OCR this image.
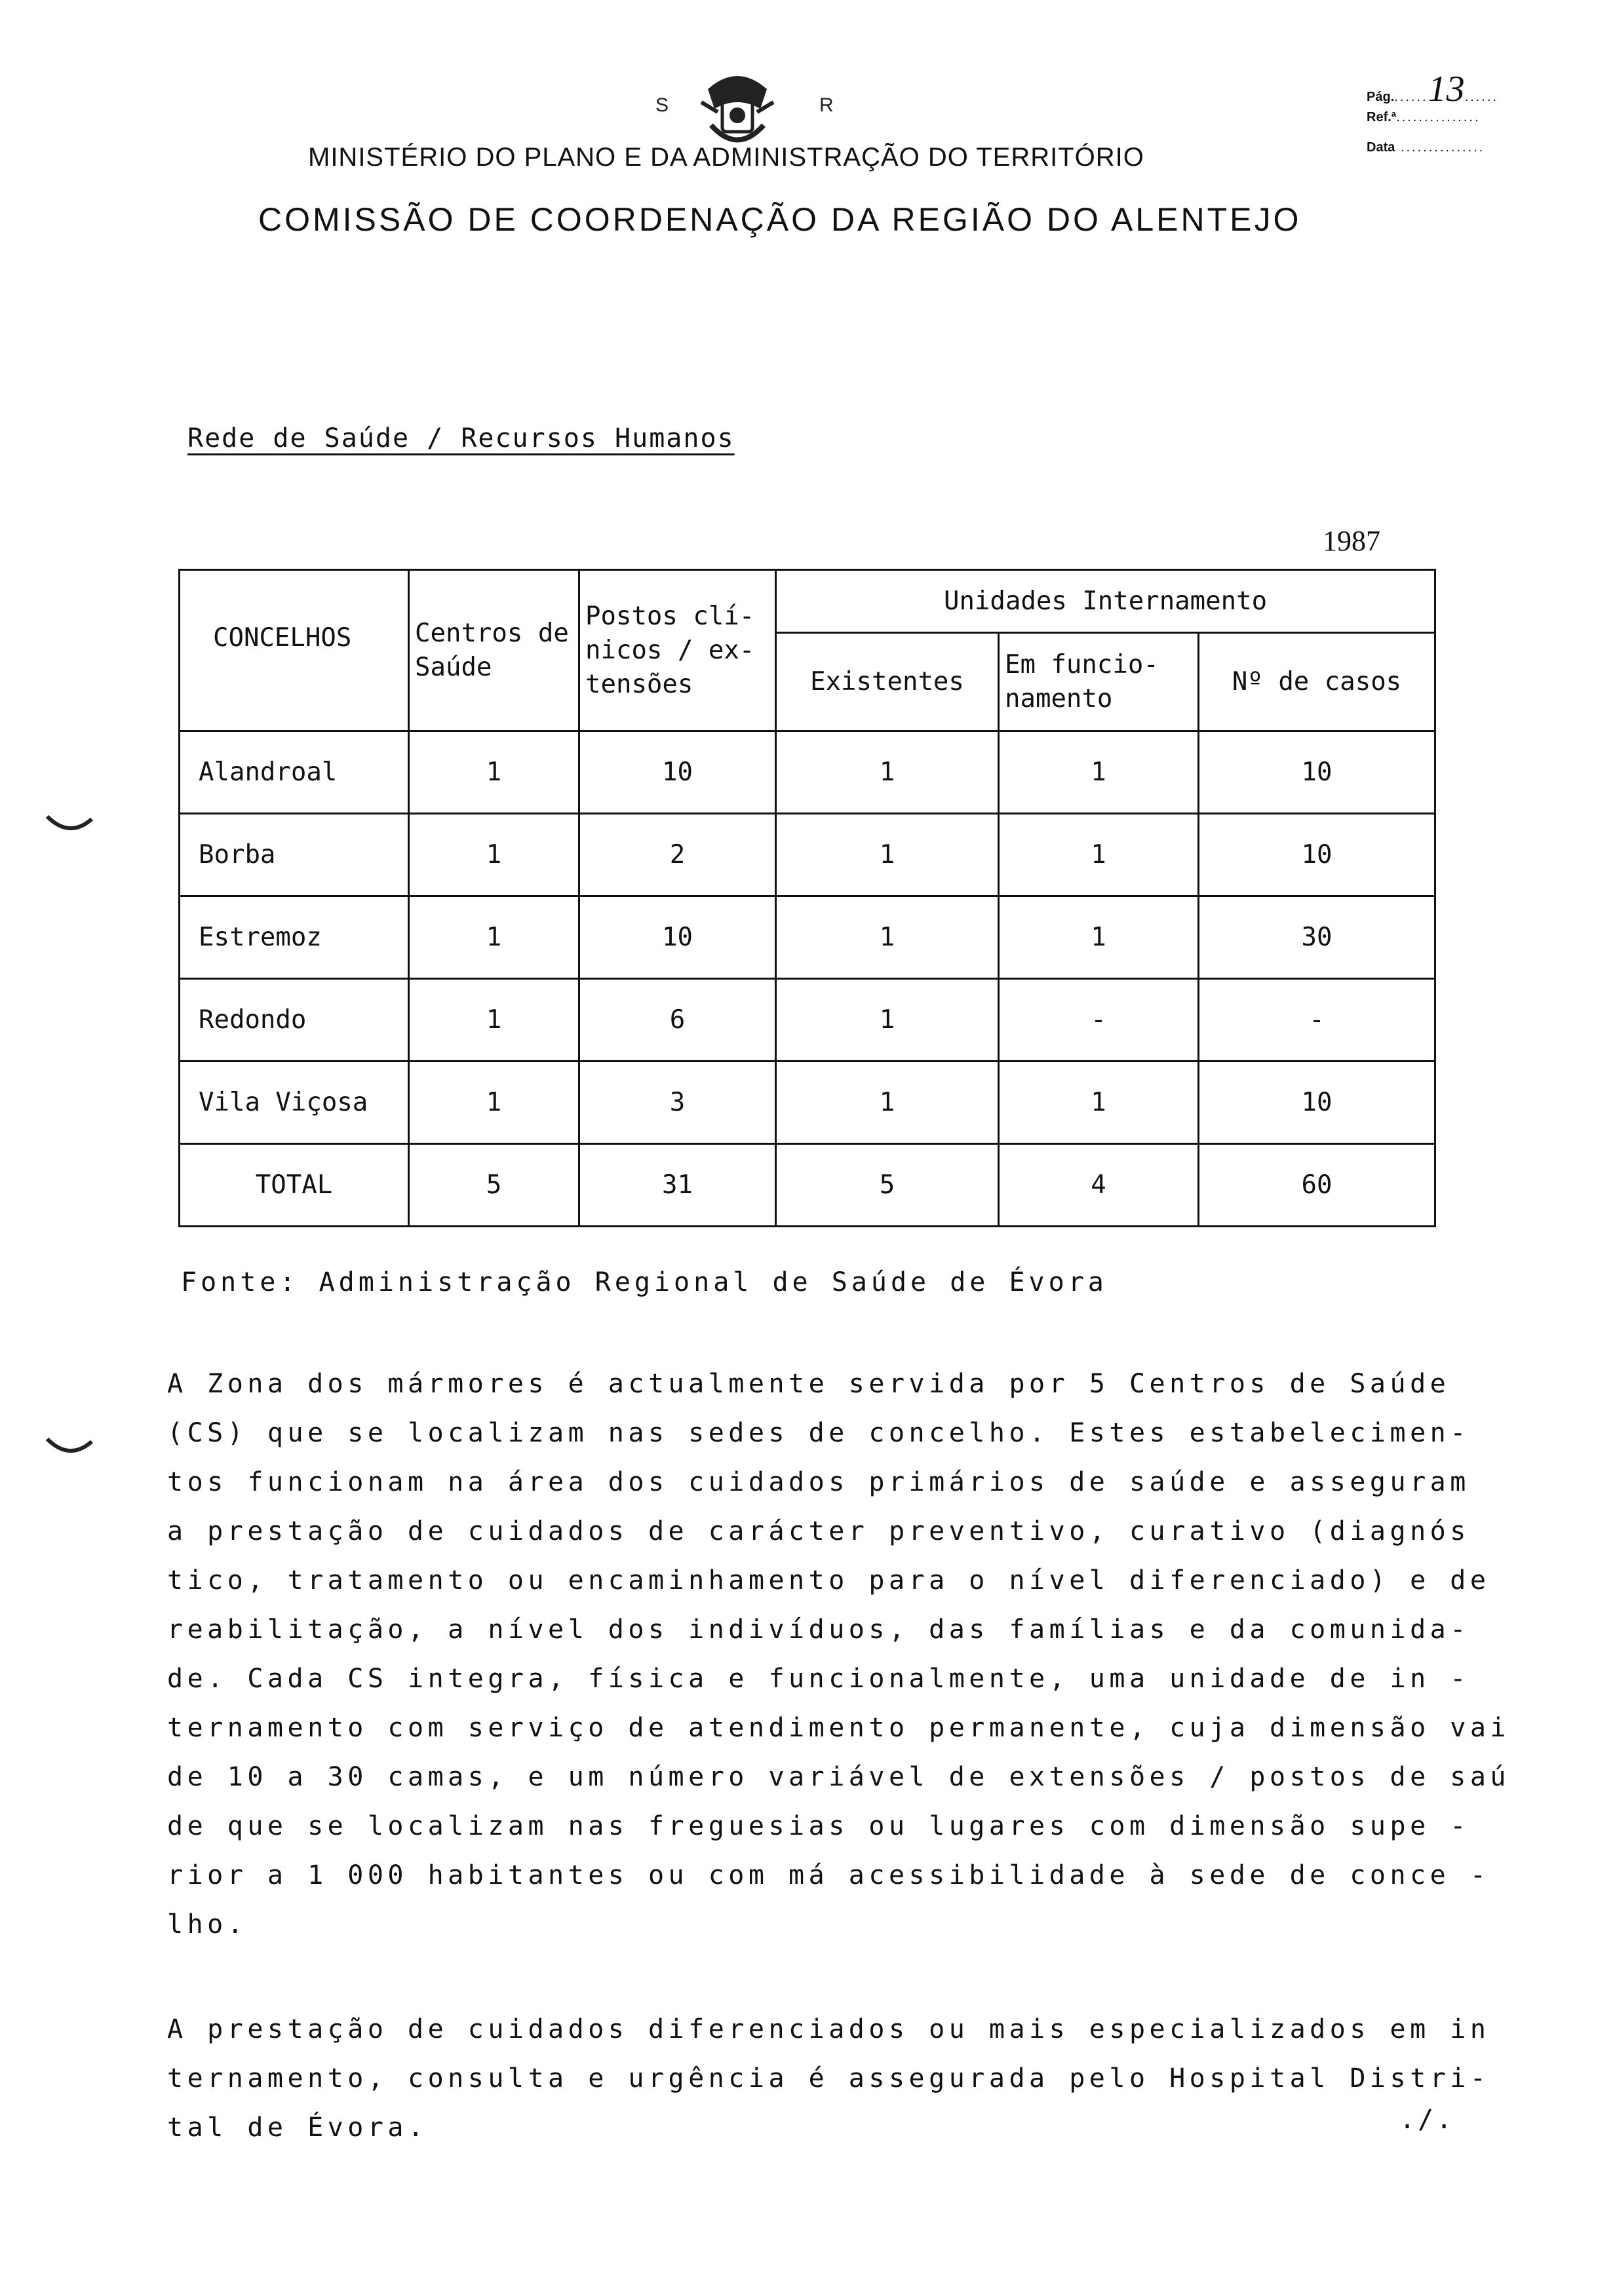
S	R
MINISTÉRIO DO PLANO E DA ADMINISTRAÇÃO DO TERRITÓRIO
COMISSÃO DE COORDENAÇÃO DA REGIÃO DO ALENTEJO
Pág.......13......
Ref.ª...............
Data ...............
Rede de Saúde / Recursos Humanos
1987
CONCELHOS	Centros de Saúde	Postos clí- nicos / ex- tensões	Unidades Internamento		
			Existentes	Em funcio- namento	Nº de casos
Alandroal	1	10	1	1	10
Borba	1	2	1	1	10
Estremoz	1	10	1	1	30
Redondo	1	6	1	-	-
Vila Viçosa	1	3	1	1	10
TOTAL	5	31	5	4	60
Fonte: Administração Regional de Saúde de Évora

A Zona dos mármores é actualmente servida por 5 Centros de Saúde

(CS) que se localizam nas sedes de concelho. Estes estabelecimen-

tos funcionam na área dos cuidados primários de saúde e asseguram

a prestação de cuidados de carácter preventivo, curativo (diagnós

tico, tratamento ou encaminhamento para o nível diferenciado) e de

reabilitação, a nível dos indivíduos, das famílias e da comunida-

de. Cada CS integra, física e funcionalmente, uma unidade de in -

ternamento com serviço de atendimento permanente, cuja dimensão vai

de 10 a 30 camas, e um número variável de extensões / postos de saú

de que se localizam nas freguesias ou lugares com dimensão supe -

rior a 1 000 habitantes ou com má acessibilidade à sede de conce -

lho.

A prestação de cuidados diferenciados ou mais especializados em in

ternamento, consulta e urgência é assegurada pelo Hospital Distri-

tal de Évora.	./.
